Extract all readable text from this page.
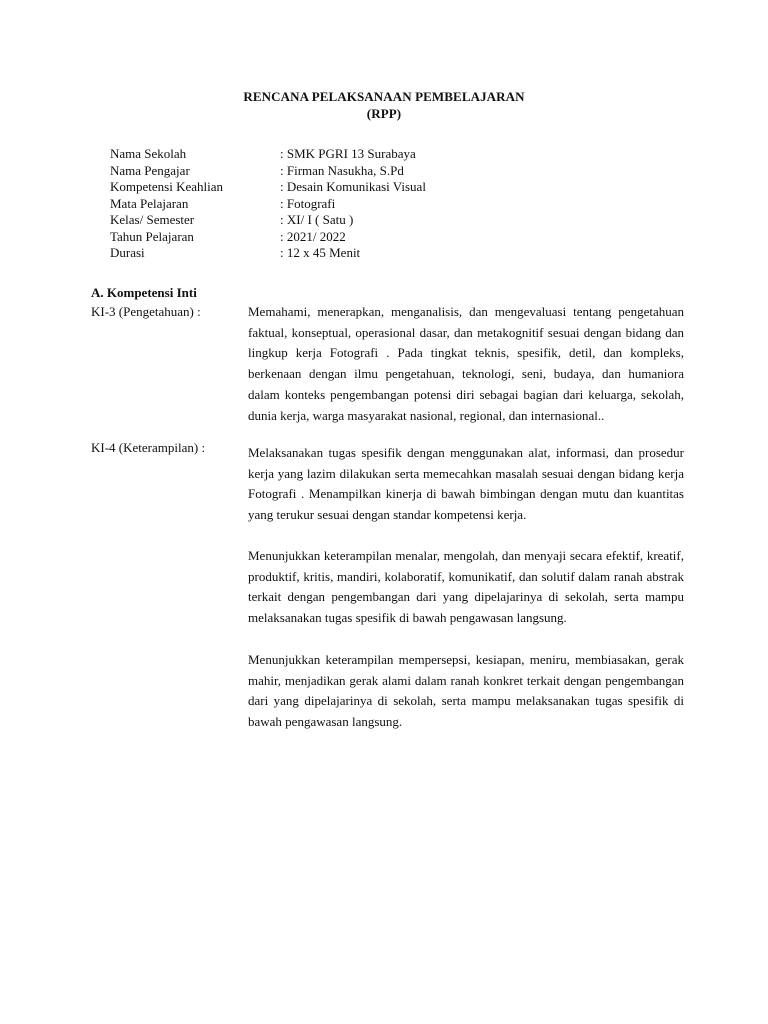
RENCANA PELAKSANAAN PEMBELAJARAN
(RPP)
Nama Sekolah	: SMK PGRI 13 Surabaya
Nama Pengajar	: Firman Nasukha, S.Pd
Kompetensi Keahlian	: Desain Komunikasi Visual
Mata Pelajaran	: Fotografi
Kelas/ Semester	: XI/ I ( Satu )
Tahun Pelajaran	: 2021/ 2022
Durasi	: 12 x 45 Menit
A. Kompetensi Inti
KI-3 (Pengetahuan) :	Memahami, menerapkan, menganalisis, dan mengevaluasi tentang pengetahuan faktual, konseptual, operasional dasar, dan metakognitif sesuai dengan bidang dan lingkup kerja Fotografi . Pada tingkat teknis, spesifik, detil, dan kompleks, berkenaan dengan ilmu pengetahuan, teknologi, seni, budaya, dan humaniora dalam konteks pengembangan potensi diri sebagai bagian dari keluarga, sekolah, dunia kerja, warga masyarakat nasional, regional, dan internasional..
KI-4 (Keterampilan) :	Melaksanakan tugas spesifik dengan menggunakan alat, informasi, dan prosedur kerja yang lazim dilakukan serta memecahkan masalah sesuai dengan bidang kerja Fotografi . Menampilkan kinerja di bawah bimbingan dengan mutu dan kuantitas yang terukur sesuai dengan standar kompetensi kerja.
Menunjukkan keterampilan menalar, mengolah, dan menyaji secara efektif, kreatif, produktif, kritis, mandiri, kolaboratif, komunikatif, dan solutif dalam ranah abstrak terkait dengan pengembangan dari yang dipelajarinya di sekolah, serta mampu melaksanakan tugas spesifik di bawah pengawasan langsung.
Menunjukkan keterampilan mempersepsi, kesiapan, meniru, membiasakan, gerak mahir, menjadikan gerak alami dalam ranah konkret terkait dengan pengembangan dari yang dipelajarinya di sekolah, serta mampu melaksanakan tugas spesifik di bawah pengawasan langsung.
